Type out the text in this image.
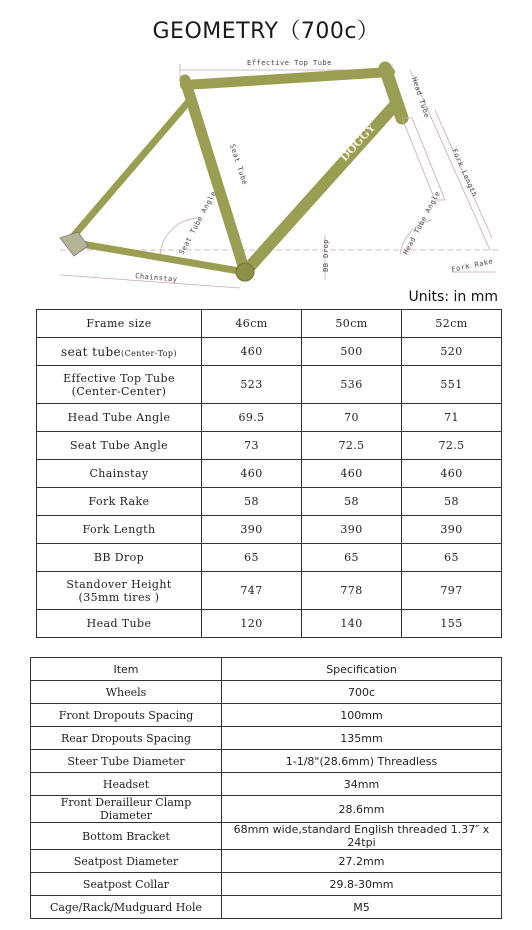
GEOMETRY（700c）
DOGGY
Effective Top Tube
Head Tube
Seat Tube	Fork Length
Seat Tube Angle	Head Tube Angle
BB Drop	Fork Rake
Chainstay
Units: in mm
Frame size	46cm	50cm	52cm
seat tube(Center-Top)	460	500	520
Effective Top Tube
(Center-Center)	523	536	551
Head Tube Angle	69.5	70	71
Seat Tube Angle	73	72.5	72.5
Chainstay	460	460	460
Fork Rake	58	58	58
Fork Length	390	390	390
BB Drop	65	65	65
Standover Height
(35mm tires )	747	778	797
Head Tube	120	140	155
Item	Specification
Wheels	700c
Front Dropouts Spacing	100mm
Rear Dropouts Spacing	135mm
Steer Tube Diameter	1-1/8"(28.6mm) Threadless
Headset	34mm
Front Derailleur Clamp Diameter	28.6mm
Bottom Bracket	68mm wide,standard English threaded 1.37″ x 24tpi
Seatpost Diameter	27.2mm
Seatpost Collar	29.8-30mm
Cage/Rack/Mudguard Hole	M5
